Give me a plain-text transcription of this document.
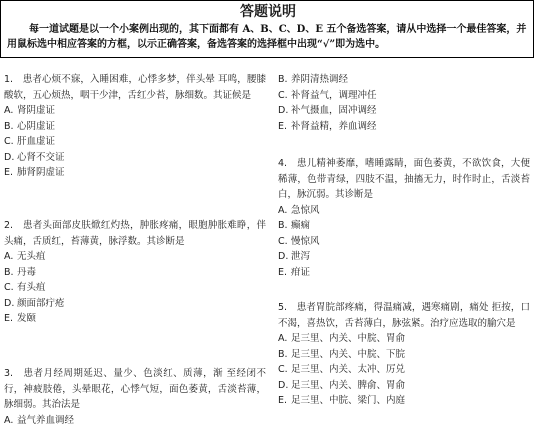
答题说明

每一道试题是以一个小案例出现的，其下面都有 A、B、C、D、E 五个备选答案，请从中选择一个最佳答案，并用鼠标选中相应答案的方框，以示正确答案，备选答案的选择框中出现“√”即为选中。

1.　患者心烦不寐，入睡困难，心悸多梦，伴头晕 耳鸣，腰膝酸软，五心烦热，咽干少津，舌红少苔，脉细数。其证候是

A. 肾阴虚证

B. 心阴虚证

C. 肝血虚证

D. 心肾不交证

E. 肺肾阴虚证

2.　患者头面部皮肤焮红灼热，肿胀疼痛，眼胞肿胀难睁，伴头痛，舌质红，苔薄黄，脉浮数。其诊断是

A. 无头疽

B. 丹毒

C. 有头疽

D. 颜面部疔疮

E. 发颐

3.　患者月经周期延迟、量少、色淡红、质薄，渐 至经闭不行，神疲肢倦，头晕眼花，心悸气短，面色萎黄，舌淡苔薄，脉细弱。其治法是

A. 益气养血调经

B. 养阴清热调经

C. 补肾益气，调理冲任

D. 补气摄血，固冲调经

E. 补肾益精，养血调经

4.　患儿精神萎靡，嗜睡露睛，面色萎黄，不欲饮食，大便稀薄，色带青绿，四肢不温，抽搐无力，时作时止，舌淡苔白，脉沉弱。其诊断是

A. 急惊风

B. 癫痫

C. 慢惊风

D. 泄泻

E. 疳证

5.　患者胃脘部疼痛，得温痛减，遇寒痛剧，痛处 拒按，口不渴，喜热饮，舌苔薄白，脉弦紧。治疗应选取的腧穴是

A. 足三里、内关、中脘、胃俞

B. 足三里、内关、中脘、下脘

C. 足三里、内关、太冲、厉兑

D. 足三里、内关、脾俞、胃俞

E. 足三里、中脘、梁门、内庭
